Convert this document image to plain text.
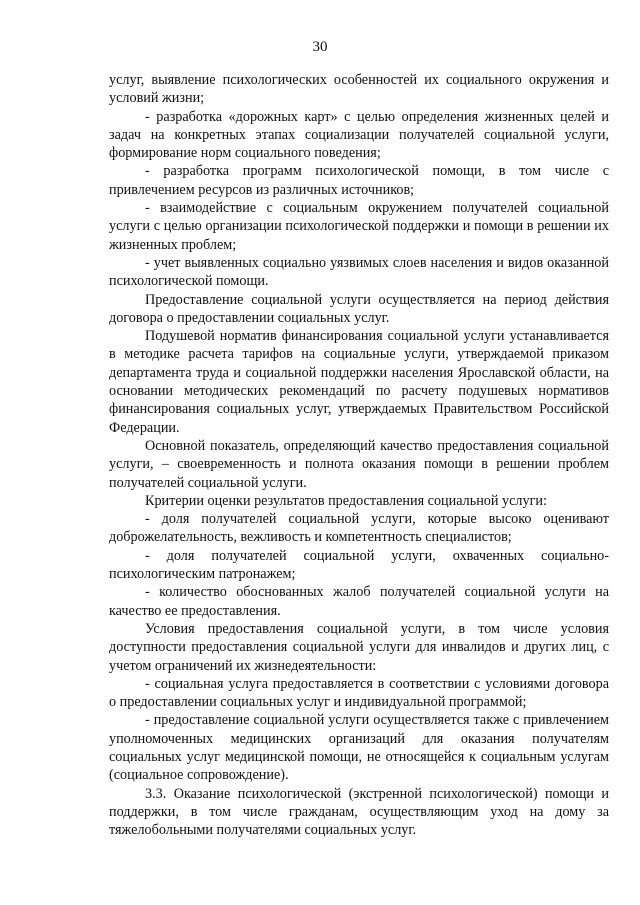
30

услуг, выявление психологических особенностей их социального окружения и условий жизни;

- разработка «дорожных карт» с целью определения жизненных целей и задач на конкретных этапах социализации получателей социальной услуги, формирование норм социального поведения;

- разработка программ психологической помощи, в том числе с привлечением ресурсов из различных источников;

- взаимодействие с социальным окружением получателей социальной услуги с целью организации психологической поддержки и помощи в решении их жизненных проблем;

- учет выявленных социально уязвимых слоев населения и видов оказанной психологической помощи.

Предоставление социальной услуги осуществляется на период действия договора о предоставлении социальных услуг.

Подушевой норматив финансирования социальной услуги устанавливается в методике расчета тарифов на социальные услуги, утверждаемой приказом департамента труда и социальной поддержки населения Ярославской области, на основании методических рекомендаций по расчету подушевых нормативов финансирования социальных услуг, утверждаемых Правительством Российской Федерации.

Основной показатель, определяющий качество предоставления социальной услуги, – своевременность и полнота оказания помощи в решении проблем получателей социальной услуги.

Критерии оценки результатов предоставления социальной услуги:

- доля получателей социальной услуги, которые высоко оценивают доброжелательность, вежливость и компетентность специалистов;

- доля получателей социальной услуги, охваченных социально-психологическим патронажем;

- количество обоснованных жалоб получателей социальной услуги на качество ее предоставления.

Условия предоставления социальной услуги, в том числе условия доступности предоставления социальной услуги для инвалидов и других лиц, с учетом ограничений их жизнедеятельности:

- социальная услуга предоставляется в соответствии с условиями договора о предоставлении социальных услуг и индивидуальной программой;

- предоставление социальной услуги осуществляется также с привлечением уполномоченных медицинских организаций для оказания получателям социальных услуг медицинской помощи, не относящейся к социальным услугам (социальное сопровождение).

3.3. Оказание психологической (экстренной психологической) помощи и поддержки, в том числе гражданам, осуществляющим уход на дому за тяжелобольными получателями социальных услуг.
